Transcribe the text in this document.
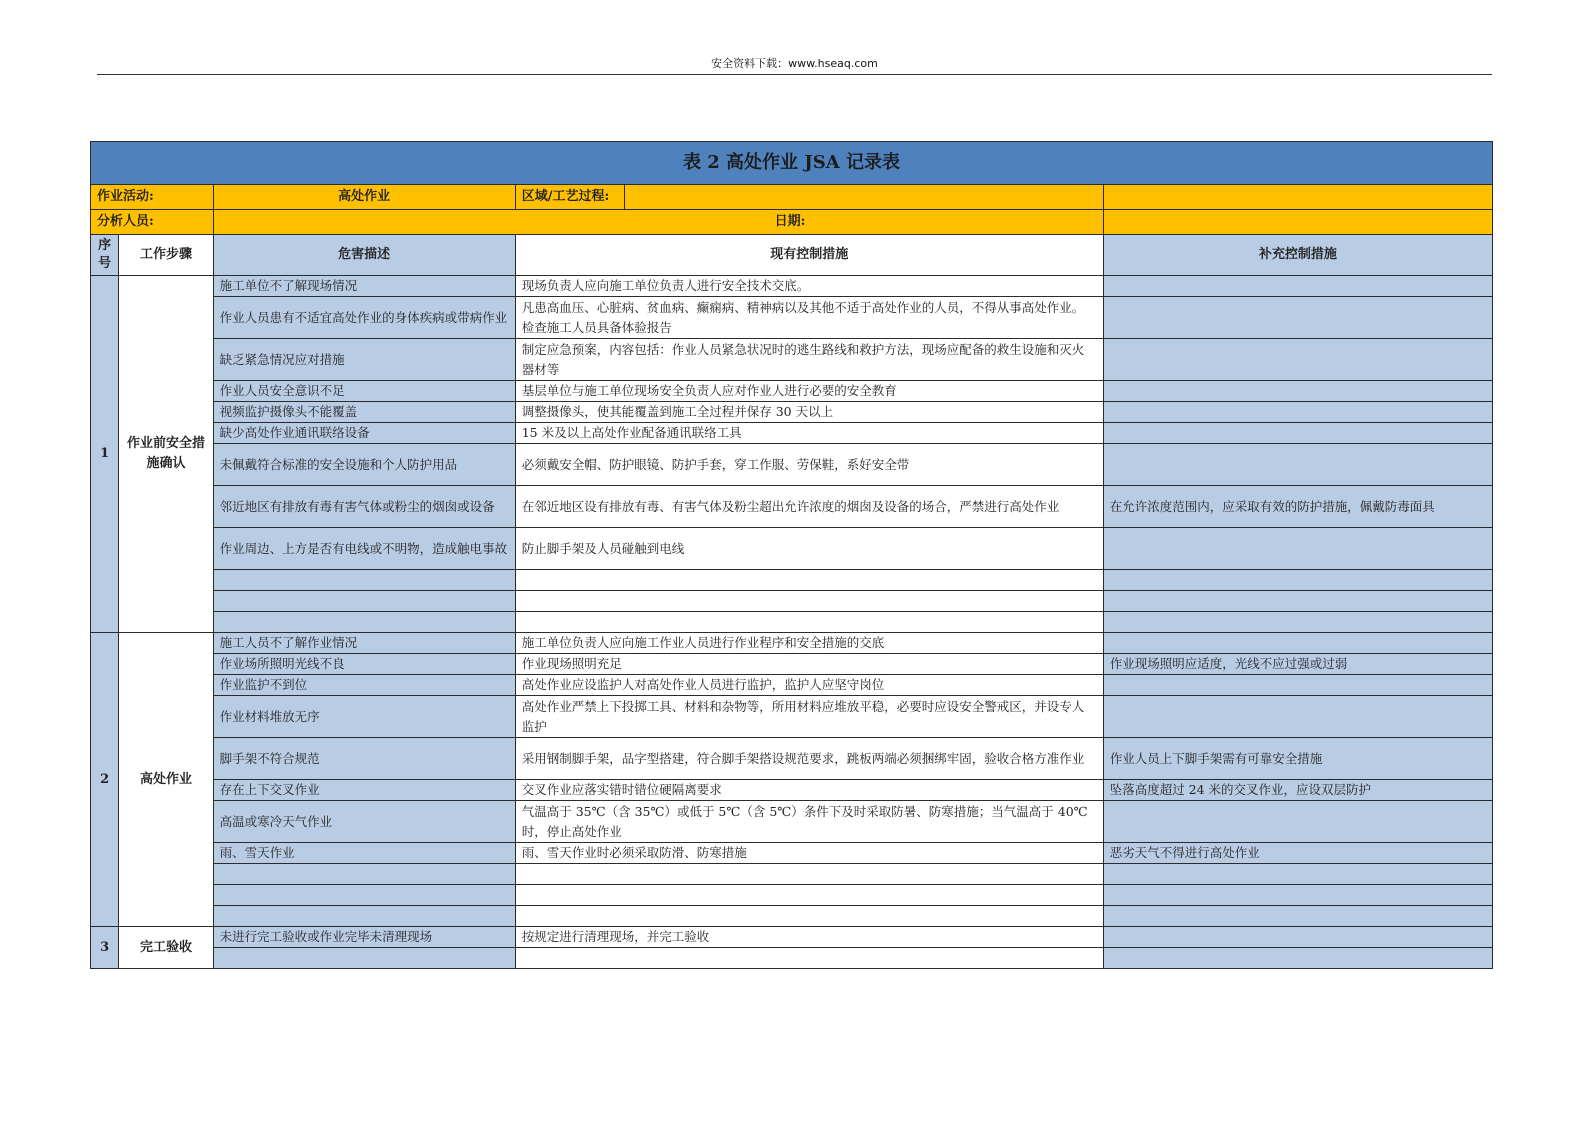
安全资料下载：www.hseaq.com
表 2 高处作业 JSA 记录表				
作业活动:		高处作业	区域/工艺过程:	

分析人员:		日期:		

序号	工作步骤	危害描述	现有控制措施	补充控制措施
1	作业前安全措施确认	施工单位不了解现场情况	现场负责人应向施工单位负责人进行安全技术交底。	
		作业人员患有不适宜高处作业的身体疾病或带病作业	凡患高血压、心脏病、贫血病、癫痫病、精神病以及其他不适于高处作业的人员，不得从事高处作业。检查施工人员具备体验报告	
		缺乏紧急情况应对措施	制定应急预案，内容包括：作业人员紧急状况时的逃生路线和救护方法，现场应配备的救生设施和灭火器材等	
		作业人员安全意识不足	基层单位与施工单位现场安全负责人应对作业人进行必要的安全教育	
		视频监护摄像头不能覆盖	调整摄像头，使其能覆盖到施工全过程并保存 30 天以上	
		缺少高处作业通讯联络设备	15 米及以上高处作业配备通讯联络工具	
		未佩戴符合标准的安全设施和个人防护用品	必须戴安全帽、防护眼镜、防护手套，穿工作服、劳保鞋，系好安全带	
		邻近地区有排放有毒有害气体或粉尘的烟囱或设备	在邻近地区设有排放有毒、有害气体及粉尘超出允许浓度的烟囱及设备的场合，严禁进行高处作业	在允许浓度范围内，应采取有效的防护措施，佩戴防毒面具
		作业周边、上方是否有电线或不明物，造成触电事故	防止脚手架及人员碰触到电线	

2	高处作业	施工人员不了解作业情况	施工单位负责人应向施工作业人员进行作业程序和安全措施的交底	
		作业场所照明光线不良	作业现场照明充足	作业现场照明应适度，光线不应过强或过弱
		作业监护不到位	高处作业应设监护人对高处作业人员进行监护，监护人应坚守岗位	
		作业材料堆放无序	高处作业严禁上下投掷工具、材料和杂物等，所用材料应堆放平稳，必要时应设安全警戒区，并设专人监护	
		脚手架不符合规范	采用钢制脚手架，品字型搭建，符合脚手架搭设规范要求，跳板两端必须捆绑牢固，验收合格方准作业	作业人员上下脚手架需有可靠安全措施
		存在上下交叉作业	交叉作业应落实错时错位硬隔离要求	坠落高度超过 24 米的交叉作业，应设双层防护
		高温或寒冷天气作业	气温高于 35℃（含 35℃）或低于 5℃（含 5℃）条件下及时采取防暑、防寒措施；当气温高于 40℃时，停止高处作业	
		雨、雪天作业	雨、雪天作业时必须采取防滑、防寒措施	恶劣天气不得进行高处作业

3	完工验收	未进行完工验收或作业完毕未清理现场	按规定进行清理现场，并完工验收	
